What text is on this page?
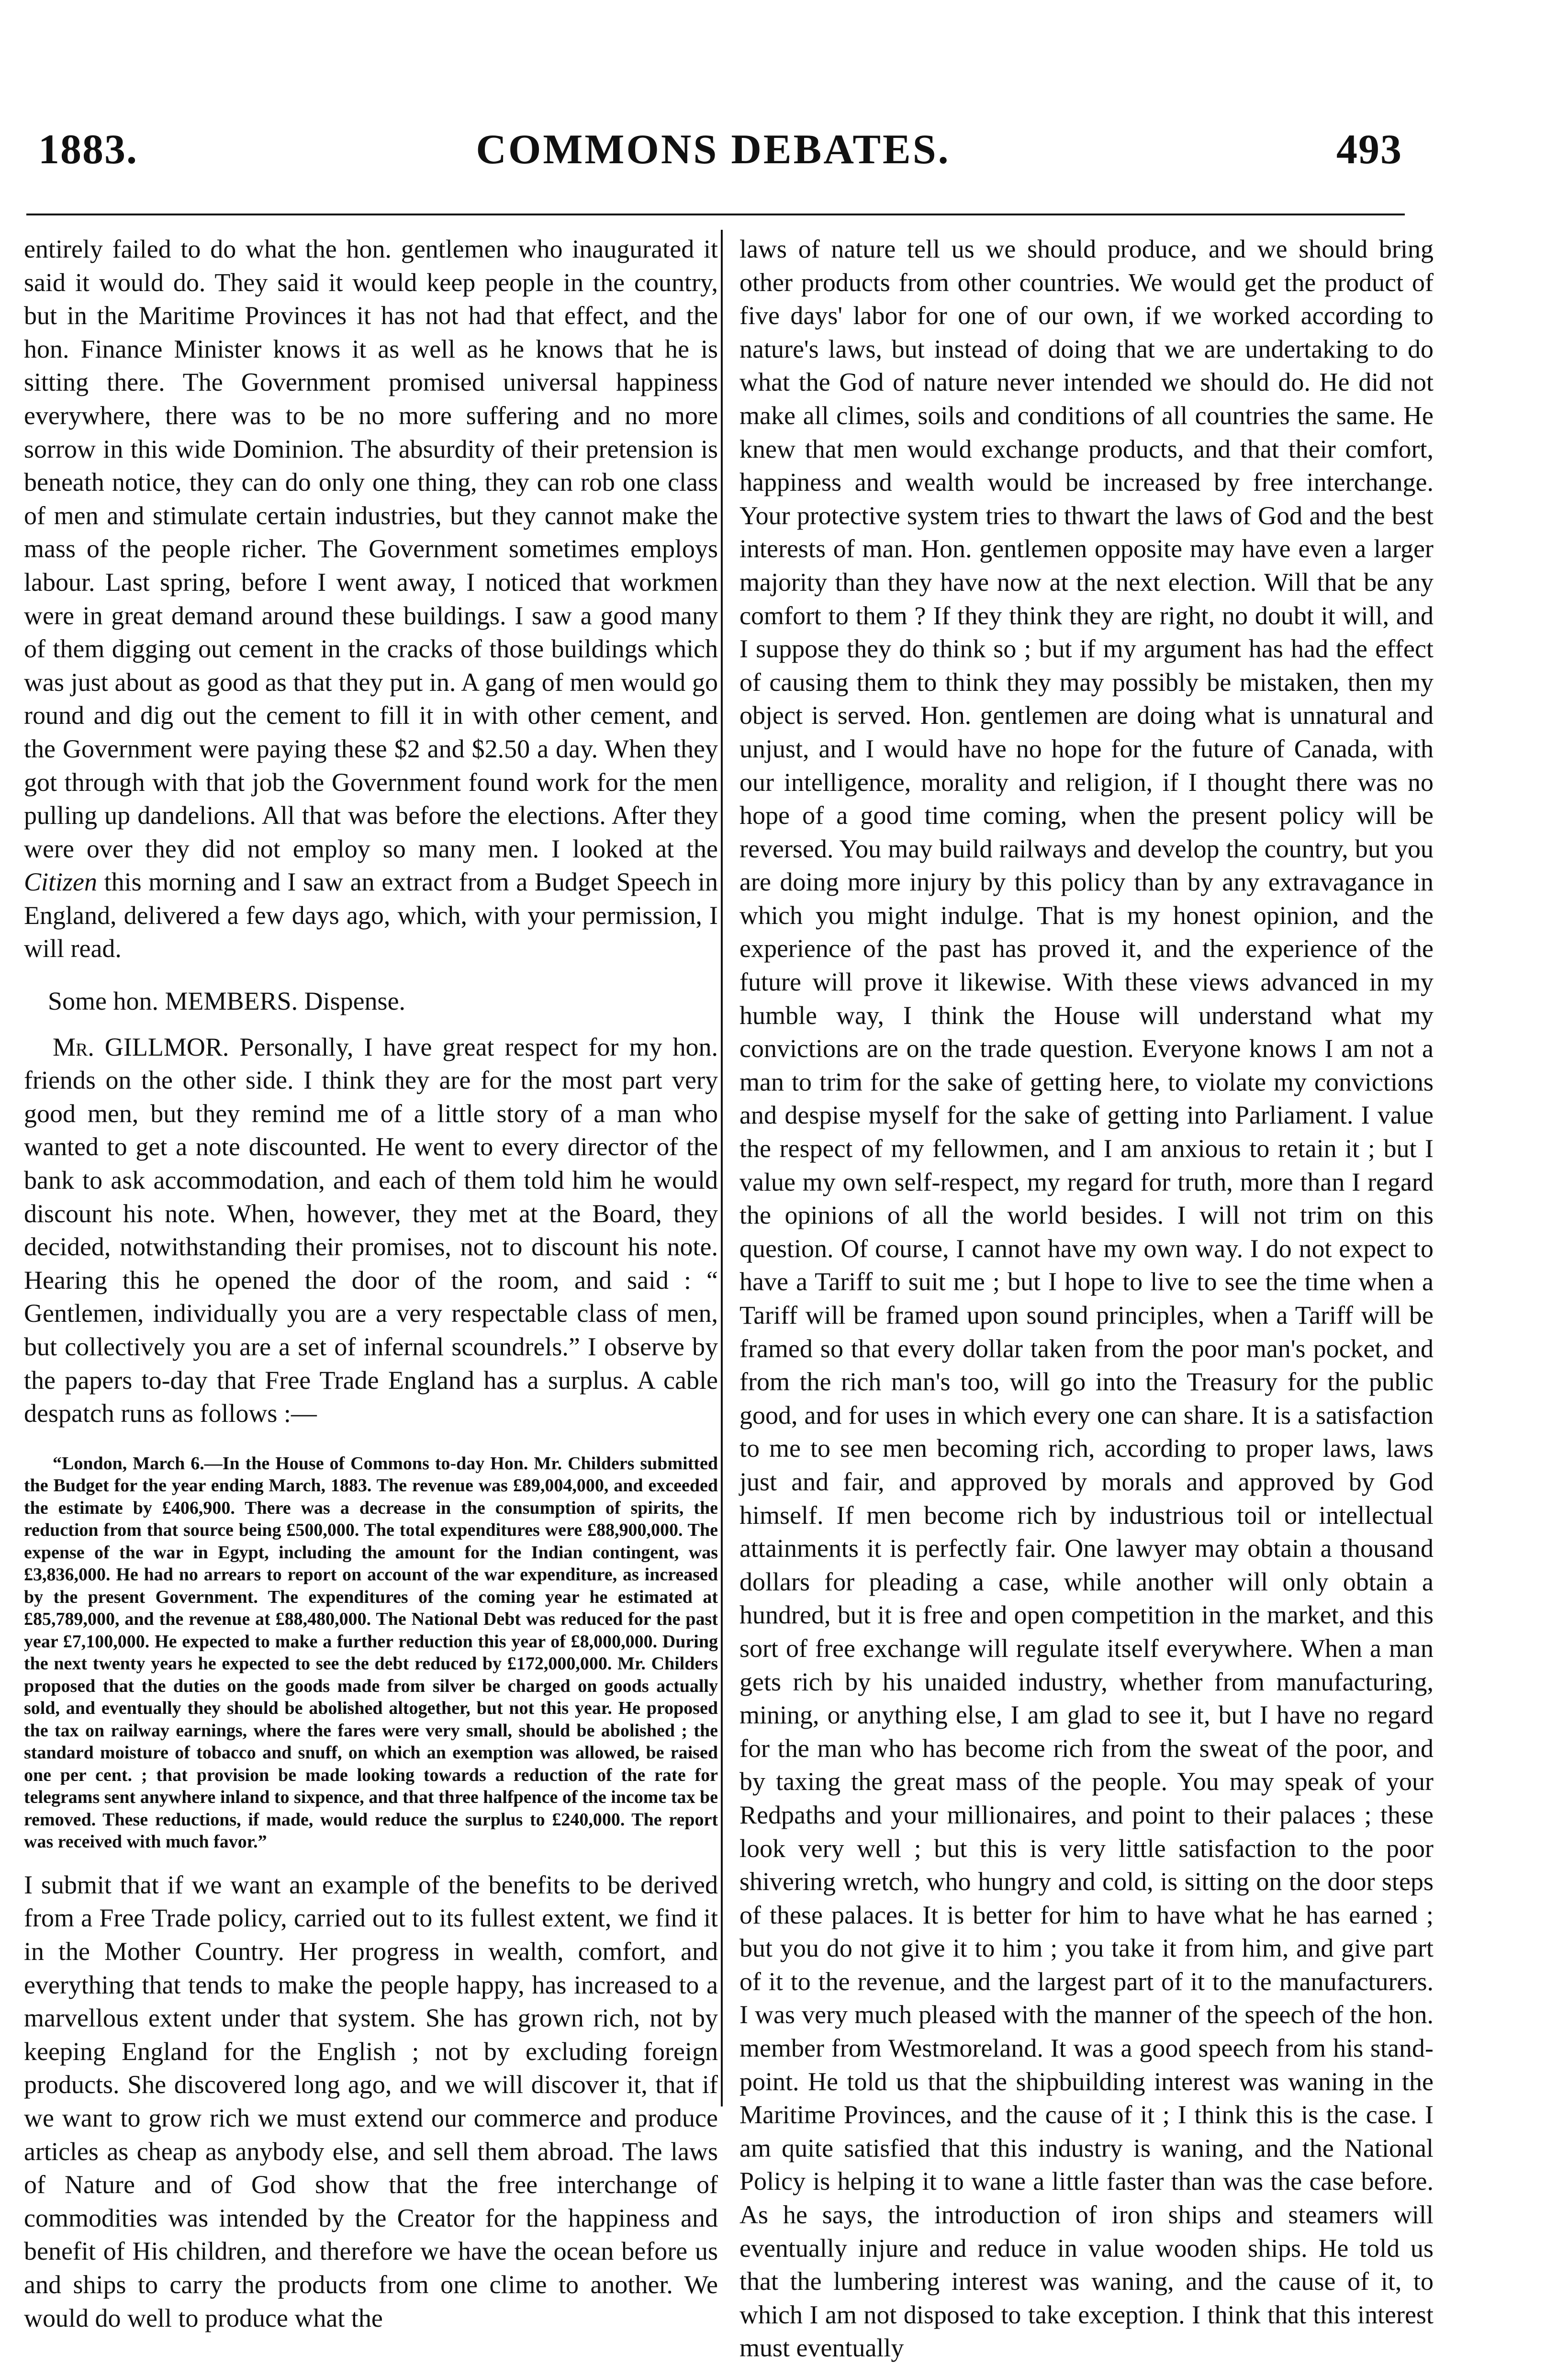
1883.	COMMONS DEBATES.	493

entirely failed to do what the hon. gentlemen who inaugurated it said it would do. They said it would keep people in the country, but in the Maritime Provinces it has not had that effect, and the hon. Finance Minister knows it as well as he knows that he is sitting there. The Government promised universal happiness everywhere, there was to be no more suffering and no more sorrow in this wide Dominion. The absurdity of their pretension is beneath notice, they can do only one thing, they can rob one class of men and stimulate certain industries, but they cannot make the mass of the people richer. The Government sometimes employs labour. Last spring, before I went away, I noticed that workmen were in great demand around these buildings. I saw a good many of them digging out cement in the cracks of those buildings which was just about as good as that they put in. A gang of men would go round and dig out the cement to fill it in with other cement, and the Government were paying these $2 and $2.50 a day. When they got through with that job the Government found work for the men pulling up dandelions. All that was before the elections. After they were over they did not employ so many men. I looked at the Citizen this morning and I saw an extract from a Budget Speech in England, delivered a few days ago, which, with your permission, I will read.

Some hon. MEMBERS. Dispense.

Mr. GILLMOR. Personally, I have great respect for my hon. friends on the other side. I think they are for the most part very good men, but they remind me of a little story of a man who wanted to get a note discounted. He went to every director of the bank to ask accommodation, and each of them told him he would discount his note. When, however, they met at the Board, they decided, notwithstanding their promises, not to discount his note. Hearing this he opened the door of the room, and said : “ Gentlemen, individually you are a very respectable class of men, but collectively you are a set of infernal scoundrels.” I observe by the papers to-day that Free Trade England has a surplus. A cable despatch runs as follows :—

“London, March 6.—In the House of Commons to-day Hon. Mr. Childers submitted the Budget for the year ending March, 1883. The revenue was £89,004,000, and exceeded the estimate by £406,900. There was a decrease in the consumption of spirits, the reduction from that source being £500,000. The total expenditures were £88,900,000. The expense of the war in Egypt, including the amount for the Indian contingent, was £3,836,000. He had no arrears to report on account of the war expenditure, as increased by the present Government. The expenditures of the coming year he estimated at £85,789,000, and the revenue at £88,480,000. The National Debt was reduced for the past year £7,100,000. He expected to make a further reduction this year of £8,000,000. During the next twenty years he expected to see the debt reduced by £172,000,000. Mr. Childers proposed that the duties on the goods made from silver be charged on goods actually sold, and eventually they should be abolished altogether, but not this year. He proposed the tax on railway earnings, where the fares were very small, should be abolished ; the standard moisture of tobacco and snuff, on which an exemption was allowed, be raised one per cent. ; that provision be made looking towards a reduction of the rate for telegrams sent anywhere inland to sixpence, and that three halfpence of the income tax be removed. These reductions, if made, would reduce the surplus to £240,000. The report was received with much favor.”

I submit that if we want an example of the benefits to be derived from a Free Trade policy, carried out to its fullest extent, we find it in the Mother Country. Her progress in wealth, comfort, and everything that tends to make the people happy, has increased to a marvellous extent under that system. She has grown rich, not by keeping England for the English ; not by excluding foreign products. She discovered long ago, and we will discover it, that if we want to grow rich we must extend our commerce and produce articles as cheap as anybody else, and sell them abroad. The laws of Nature and of God show that the free interchange of commodities was intended by the Creator for the happiness and benefit of His children, and therefore we have the ocean before us and ships to carry the products from one clime to another. We would do well to produce what the

laws of nature tell us we should produce, and we should bring other products from other countries. We would get the product of five days' labor for one of our own, if we worked according to nature's laws, but instead of doing that we are undertaking to do what the God of nature never intended we should do. He did not make all climes, soils and conditions of all countries the same. He knew that men would exchange products, and that their comfort, happiness and wealth would be increased by free interchange. Your protective system tries to thwart the laws of God and the best interests of man. Hon. gentlemen opposite may have even a larger majority than they have now at the next election. Will that be any comfort to them ? If they think they are right, no doubt it will, and I suppose they do think so ; but if my argument has had the effect of causing them to think they may possibly be mistaken, then my object is served. Hon. gentlemen are doing what is unnatural and unjust, and I would have no hope for the future of Canada, with our intelligence, morality and religion, if I thought there was no hope of a good time coming, when the present policy will be reversed. You may build railways and develop the country, but you are doing more injury by this policy than by any extravagance in which you might indulge. That is my honest opinion, and the experience of the past has proved it, and the experience of the future will prove it likewise. With these views advanced in my humble way, I think the House will understand what my convictions are on the trade question. Everyone knows I am not a man to trim for the sake of getting here, to violate my convictions and despise myself for the sake of getting into Parliament. I value the respect of my fellowmen, and I am anxious to retain it ; but I value my own self-respect, my regard for truth, more than I regard the opinions of all the world besides. I will not trim on this question. Of course, I cannot have my own way. I do not expect to have a Tariff to suit me ; but I hope to live to see the time when a Tariff will be framed upon sound principles, when a Tariff will be framed so that every dollar taken from the poor man's pocket, and from the rich man's too, will go into the Treasury for the public good, and for uses in which every one can share. It is a satisfaction to me to see men becoming rich, according to proper laws, laws just and fair, and approved by morals and approved by God himself. If men become rich by industrious toil or intellectual attainments it is perfectly fair. One lawyer may obtain a thousand dollars for pleading a case, while another will only obtain a hundred, but it is free and open competition in the market, and this sort of free exchange will regulate itself everywhere. When a man gets rich by his unaided industry, whether from manufacturing, mining, or anything else, I am glad to see it, but I have no regard for the man who has become rich from the sweat of the poor, and by taxing the great mass of the people. You may speak of your Redpaths and your millionaires, and point to their palaces ; these look very well ; but this is very little satisfaction to the poor shivering wretch, who hungry and cold, is sitting on the door steps of these palaces. It is better for him to have what he has earned ; but you do not give it to him ; you take it from him, and give part of it to the revenue, and the largest part of it to the manufacturers. I was very much pleased with the manner of the speech of the hon. member from Westmoreland. It was a good speech from his stand-point. He told us that the shipbuilding interest was waning in the Maritime Provinces, and the cause of it ; I think this is the case. I am quite satisfied that this industry is waning, and the National Policy is helping it to wane a little faster than was the case before. As he says, the introduction of iron ships and steamers will eventually injure and reduce in value wooden ships. He told us that the lumbering interest was waning, and the cause of it, to which I am not disposed to take exception. I think that this interest must eventually
